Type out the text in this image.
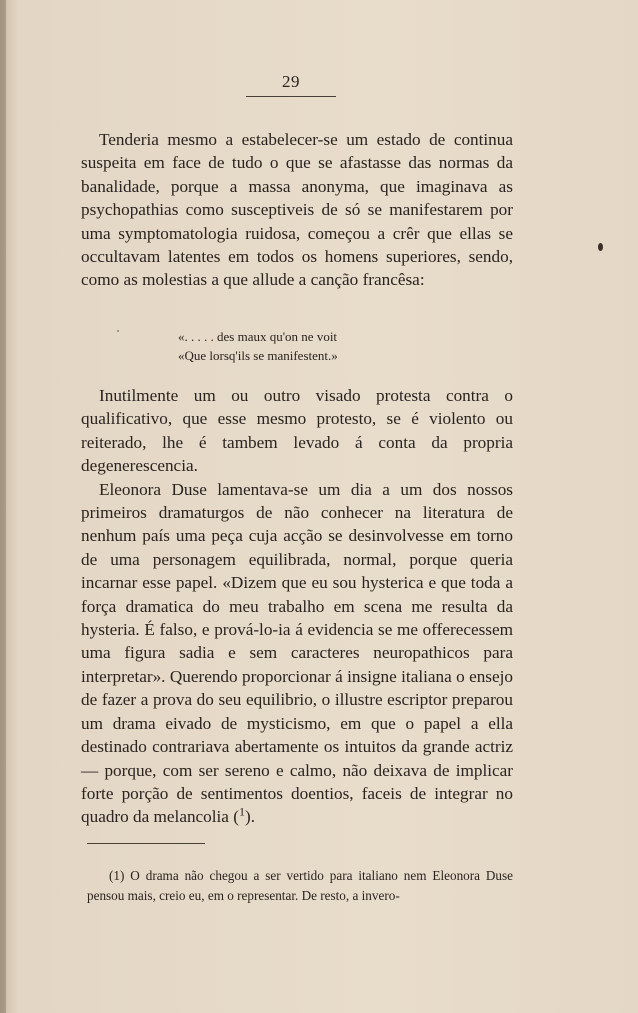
29

Tenderia mesmo a estabelecer-se um estado de continua suspeita em face de tudo o que se afastasse das normas da banalidade, porque a massa anonyma, que imaginava as psychopathias como susceptiveis de só se manifestarem por uma symptomatologia ruidosa, começou a crêr que ellas se occultavam latentes em todos os homens superiores, sendo, como as molestias a que allude a canção francêsa:

«. . . . . des maux qu'on ne voit
«Que lorsq'ils se manifestent.»

Inutilmente um ou outro visado protesta contra o qualificativo, que esse mesmo protesto, se é violento ou reiterado, lhe é tambem levado á conta da propria degenerescencia.

Eleonora Duse lamentava-se um dia a um dos nossos primeiros dramaturgos de não conhecer na literatura de nenhum país uma peça cuja acção se desinvolvesse em torno de uma personagem equilibrada, normal, porque queria incarnar esse papel. «Dizem que eu sou hysterica e que toda a força dramatica do meu trabalho em scena me resulta da hysteria. É falso, e prová-lo-ia á evidencia se me offerecessem uma figura sadia e sem caracteres neuropathicos para interpretar». Querendo proporcionar á insigne italiana o ensejo de fazer a prova do seu equilibrio, o illustre escriptor preparou um drama eivado de mysticismo, em que o papel a ella destinado contrariava abertamente os intuitos da grande actriz — porque, com ser sereno e calmo, não deixava de implicar forte porção de sentimentos doentios, faceis de integrar no quadro da melancolia ($^1$).

(1) O drama não chegou a ser vertido para italiano nem Eleonora Duse pensou mais, creio eu, em o representar. De resto, a invero-
